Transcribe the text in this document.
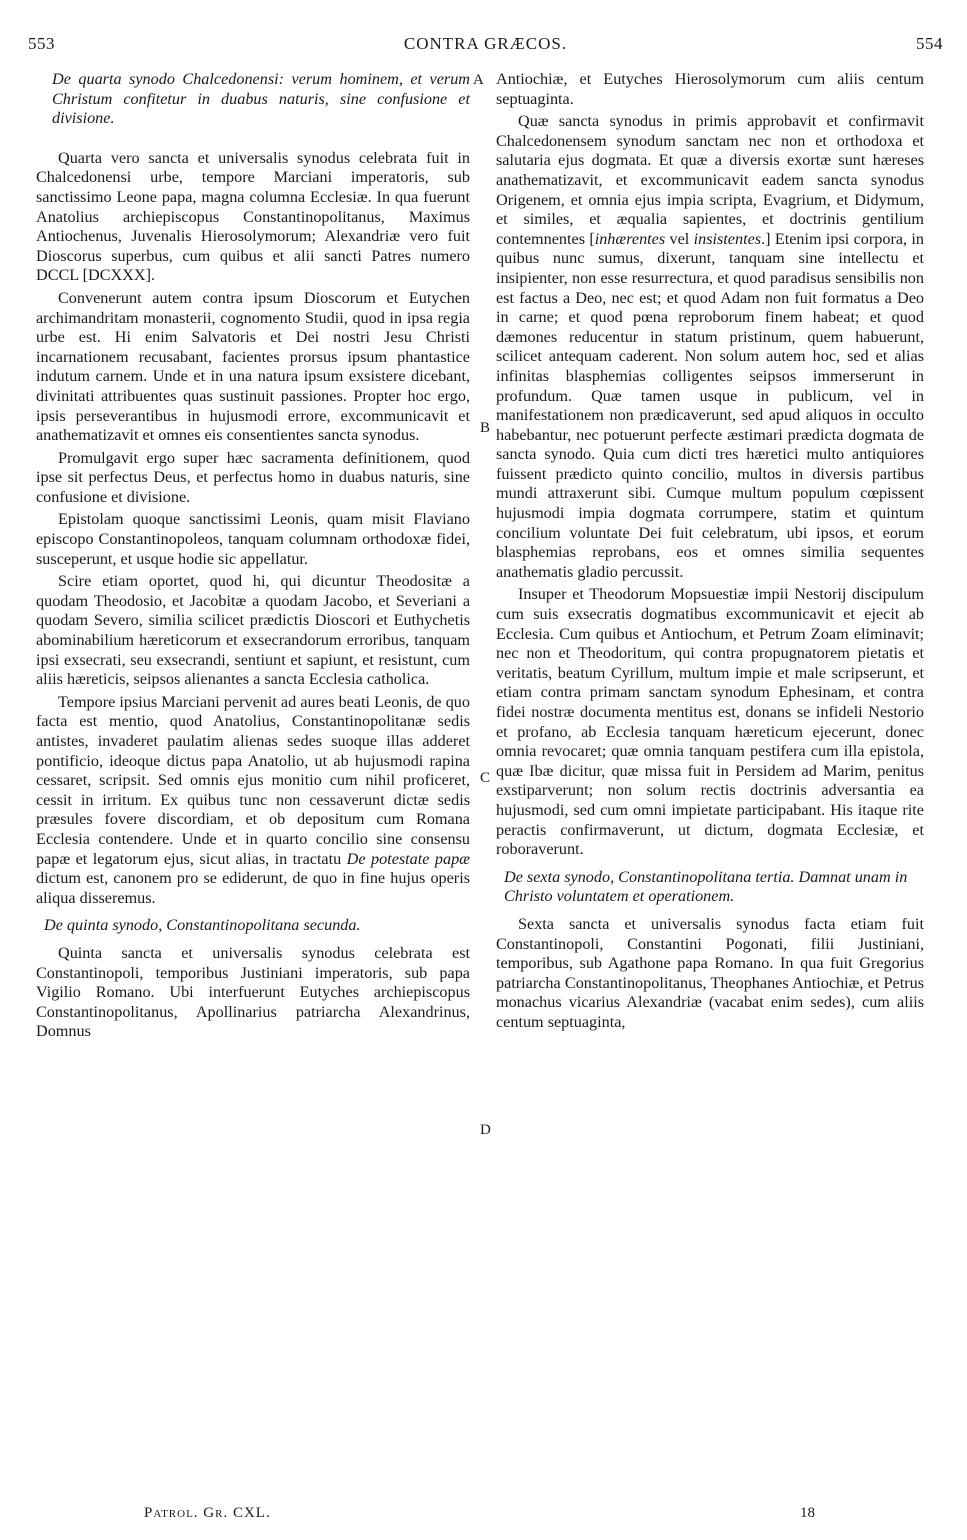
553	CONTRA GRÆCOS.	554
A
B
C
D

De quarta synodo Chalcedonensi: verum hominem, et verum Christum confitetur in duabus naturis, sine confusione et divisione.

Quarta vero sancta et universalis synodus celebrata fuit in Chalcedonensi urbe, tempore Marciani imperatoris, sub sanctissimo Leone papa, magna columna Ecclesiæ. In qua fuerunt Anatolius archiepiscopus Constantinopolitanus, Maximus Antiochenus, Juvenalis Hierosolymorum; Alexandriæ vero fuit Dioscorus superbus, cum quibus et alii sancti Patres numero DCCL [DCXXX].

Convenerunt autem contra ipsum Dioscorum et Eutychen archimandritam monasterii, cognomento Studii, quod in ipsa regia urbe est. Hi enim Salvatoris et Dei nostri Jesu Christi incarnationem recusabant, facientes prorsus ipsum phantastice indutum carnem. Unde et in una natura ipsum exsistere dicebant, divinitati attribuentes quas sustinuit passiones. Propter hoc ergo, ipsis perseverantibus in hujusmodi errore, excommunicavit et anathematizavit et omnes eis consentientes sancta synodus.

Promulgavit ergo super hæc sacramenta definitionem, quod ipse sit perfectus Deus, et perfectus homo in duabus naturis, sine confusione et divisione.

Epistolam quoque sanctissimi Leonis, quam misit Flaviano episcopo Constantinopoleos, tanquam columnam orthodoxæ fidei, susceperunt, et usque hodie sic appellatur.

Scire etiam oportet, quod hi, qui dicuntur Theodositæ a quodam Theodosio, et Jacobitæ a quodam Jacobo, et Severiani a quodam Severo, similia scilicet prædictis Dioscori et Euthychetis abominabilium hæreticorum et exsecrandorum erroribus, tanquam ipsi exsecrati, seu exsecrandi, sentiunt et sapiunt, et resistunt, cum aliis hæreticis, seipsos alienantes a sancta Ecclesia catholica.

Tempore ipsius Marciani pervenit ad aures beati Leonis, de quo facta est mentio, quod Anatolius, Constantinopolitanæ sedis antistes, invaderet paulatim alienas sedes suoque illas adderet pontificio, ideoque dictus papa Anatolio, ut ab hujusmodi rapina cessaret, scripsit. Sed omnis ejus monitio cum nihil proficeret, cessit in irritum. Ex quibus tunc non cessaverunt dictæ sedis præsules fovere discordiam, et ob depositum cum Romana Ecclesia contendere. Unde et in quarto concilio sine consensu papæ et legatorum ejus, sicut alias, in tractatu De potestate papæ dictum est, canonem pro se ediderunt, de quo in fine hujus operis aliqua disseremus.

De quinta synodo, Constantinopolitana secunda.

Quinta sancta et universalis synodus celebrata est Constantinopoli, temporibus Justiniani imperatoris, sub papa Vigilio Romano. Ubi interfuerunt Eutyches archiepiscopus Constantinopolitanus, Apollinarius patriarcha Alexandrinus, Domnus

Antiochiæ, et Eutyches Hierosolymorum cum aliis centum septuaginta.

Quæ sancta synodus in primis approbavit et confirmavit Chalcedonensem synodum sanctam nec non et orthodoxa et salutaria ejus dogmata. Et quæ a diversis exortæ sunt hæreses anathematizavit, et excommunicavit eadem sancta synodus Origenem, et omnia ejus impia scripta, Evagrium, et Didymum, et similes, et æqualia sapientes, et doctrinis gentilium contemnentes [inhærentes vel insistentes.] Etenim ipsi corpora, in quibus nunc sumus, dixerunt, tanquam sine intellectu et insipienter, non esse resurrectura, et quod paradisus sensibilis non est factus a Deo, nec est; et quod Adam non fuit formatus a Deo in carne; et quod pœna reproborum finem habeat; et quod dæmones reducentur in statum pristinum, quem habuerunt, scilicet antequam caderent. Non solum autem hoc, sed et alias infinitas blasphemias colligentes seipsos immerserunt in profundum. Quæ tamen usque in publicum, vel in manifestationem non prædicaverunt, sed apud aliquos in occulto habebantur, nec potuerunt perfecte æstimari prædicta dogmata de sancta synodo. Quia cum dicti tres hæretici multo antiquiores fuissent prædicto quinto concilio, multos in diversis partibus mundi attraxerunt sibi. Cumque multum populum cœpissent hujusmodi impia dogmata corrumpere, statim et quintum concilium voluntate Dei fuit celebratum, ubi ipsos, et eorum blasphemias reprobans, eos et omnes similia sequentes anathematis gladio percussit.

Insuper et Theodorum Mopsuestiæ impii Nestorij discipulum cum suis exsecratis dogmatibus excommunicavit et ejecit ab Ecclesia. Cum quibus et Antiochum, et Petrum Zoam eliminavit; nec non et Theodoritum, qui contra propugnatorem pietatis et veritatis, beatum Cyrillum, multum impie et male scripserunt, et etiam contra primam sanctam synodum Ephesinam, et contra fidei nostræ documenta mentitus est, donans se infideli Nestorio et profano, ab Ecclesia tanquam hæreticum ejecerunt, donec omnia revocaret; quæ omnia tanquam pestifera cum illa epistola, quæ Ibæ dicitur, quæ missa fuit in Persidem ad Marim, penitus exstiparverunt; non solum rectis doctrinis adversantia ea hujusmodi, sed cum omni impietate participabant. His itaque rite peractis confirmaverunt, ut dictum, dogmata Ecclesiæ, et roboraverunt.

De sexta synodo, Constantinopolitana tertia. Damnat unam in Christo voluntatem et operationem.

Sexta sancta et universalis synodus facta etiam fuit Constantinopoli, Constantini Pogonati, filii Justiniani, temporibus, sub Agathone papa Romano. In qua fuit Gregorius patriarcha Constantinopolitanus, Theophanes Antiochiæ, et Petrus monachus vicarius Alexandriæ (vacabat enim sedes), cum aliis centum septuaginta,

Patrol. Gr. CXL.	18
